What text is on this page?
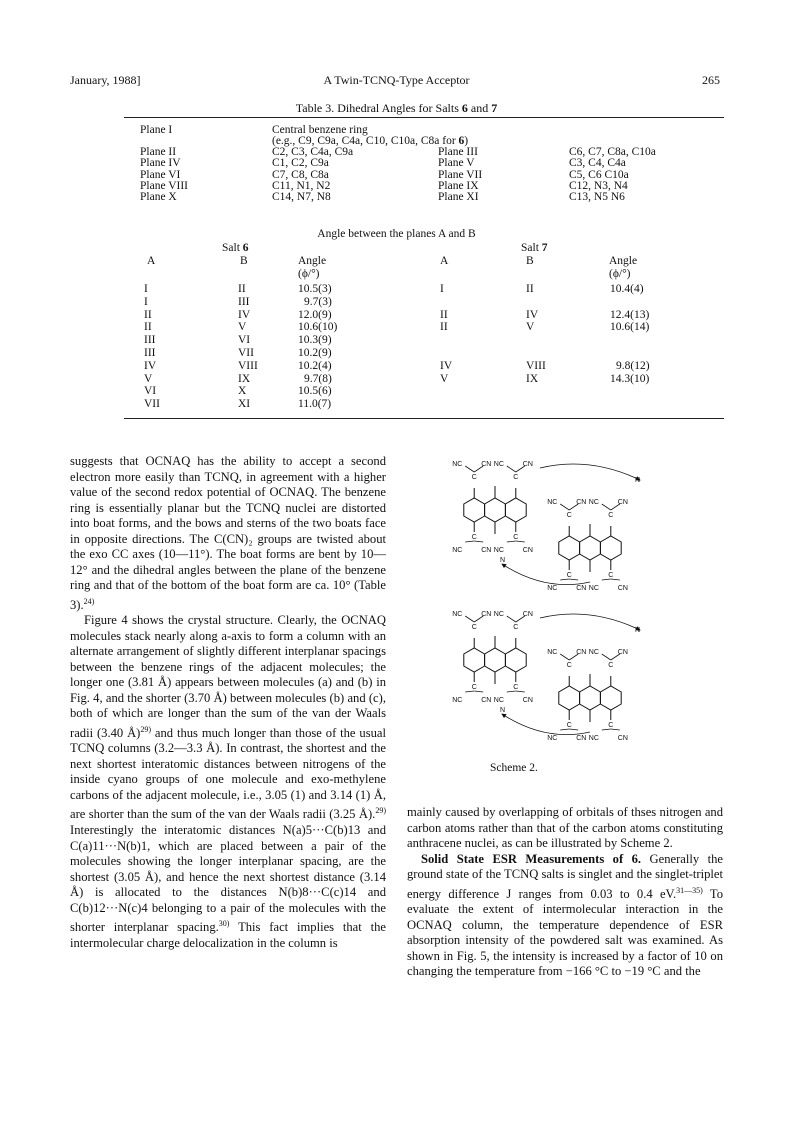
January, 1988]	A Twin-TCNQ-Type Acceptor	265
Table 3. Dihedral Angles for Salts 6 and 7
Plane I	Central benzene ring
(e.g., C9, C9a, C4a, C10, C10a, C8a for 6)
Plane II	C2, C3, C4a, C9a	Plane III	C6, C7, C8a, C10a
Plane IV	C1, C2, C9a	Plane V	C3, C4, C4a
Plane VI	C7, C8, C8a	Plane VII	C5, C6 C10a
Plane VIII	C11, N1, N2	Plane IX	C12, N3, N4
Plane X	C14, N7, N8	Plane XI	C13, N5 N6
Angle between the planes A and B
Salt 6	Salt 7
A	B	Angle
(ϕ/°)
A	B	Angle
(ϕ/°)
I	II	10.5(3)	I	II	10.4(4)
I	III	9.7(3)
II	IV	12.0(9)	II	IV	12.4(13)
II	V	10.6(10)	II	V	10.6(14)
III	VI	10.3(9)
III	VII	10.2(9)
IV	VIII	10.2(4)	IV	VIII	9.8(12)
V	IX	9.7(8)	V	IX	14.3(10)
VI	X	10.5(6)
VII	XI	11.0(7)

suggests that OCNAQ has the ability to accept a second electron more easily than TCNQ, in agreement with a higher value of the second redox potential of OCNAQ. The benzene ring is essentially planar but the TCNQ nuclei are distorted into boat forms, and the bows and sterns of the two boats face in opposite directions. The C(CN)₂ groups are twisted about the exo CC axes (10—11°). The boat forms are bent by 10—12° and the dihedral angles between the plane of the benzene ring and that of the bottom of the boat form are ca. 10° (Table 3).$^{24)}$

Figure 4 shows the crystal structure. Clearly, the OCNAQ molecules stack nearly along a-axis to form a column with an alternate arrangement of slightly different interplanar spacings between the benzene rings of the adjacent molecules; the longer one (3.81 Å) appears between molecules (a) and (b) in Fig. 4, and the shorter (3.70 Å) between molecules (b) and (c), both of which are longer than the sum of the van der Waals radii (3.40 Å)$^{29)}$ and thus much longer than those of the usual TCNQ columns (3.2—3.3 Å). In contrast, the shortest and the next shortest interatomic distances between nitrogens of the inside cyano groups of one molecule and exo-methylene carbons of the adjacent molecule, i.e., 3.05 (1) and 3.14 (1) Å, are shorter than the sum of the van der Waals radii (3.25 Å).$^{29)}$ Interestingly the interatomic distances N(a)5···C(b)13 and C(a)11···N(b)1, which are placed between a pair of the molecules showing the longer interplanar spacing, are the shortest (3.05 Å), and hence the next shortest distance (3.14 Å) is allocated to the distances N(b)8···C(c)14 and C(b)12···N(c)4 belonging to a pair of the molecules with the shorter interplanar spacing.$^{30)}$ This fact implies that the intermolecular charge delocalization in the column is

C
NC	CN
C
NC	CN
C
NC	CN
C
NC	CN
C
NC	CN
C
NC	CN
C
NC	CN
C
NC	CN
N
N
C
NC	CN
C
NC	CN
C
NC	CN
C
NC	CN
C
NC	CN
C
NC	CN
C
NC	CN
C
NC	CN
N
N
Scheme 2.

mainly caused by overlapping of orbitals of thses nitrogen and carbon atoms rather than that of the carbon atoms constituting anthracene nuclei, as can be illustrated by Scheme 2.

Solid State ESR Measurements of 6. Generally the ground state of the TCNQ salts is singlet and the singlet-triplet energy difference J ranges from 0.03 to 0.4 eV.$^{31—35)}$ To evaluate the extent of intermolecular interaction in the OCNAQ column, the temperature dependence of ESR absorption intensity of the powdered salt was examined. As shown in Fig. 5, the intensity is increased by a factor of 10 on changing the temperature from −166 °C to −19 °C and the
